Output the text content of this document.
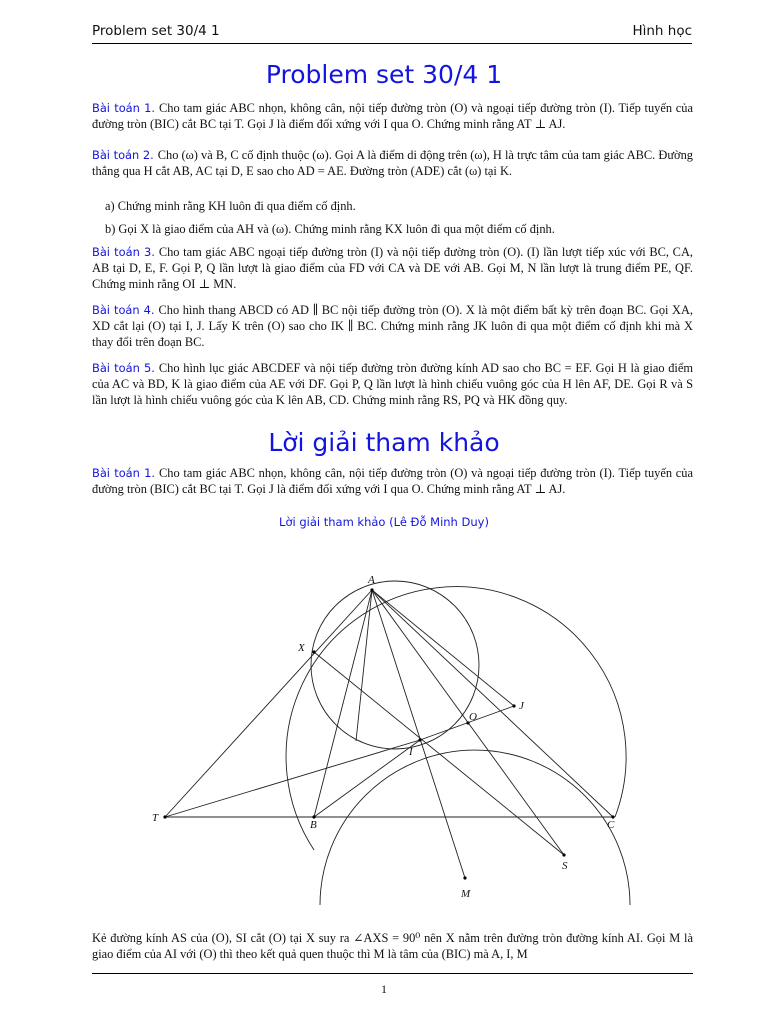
Problem set 30/4 1	Hình học
Problem set 30/4 1
Bài toán 1. Cho tam giác ABC nhọn, không cân, nội tiếp đường tròn (O) và ngoại tiếp đường tròn (I). Tiếp tuyến của đường tròn (BIC) cắt BC tại T. Gọi J là điểm đối xứng với I qua O. Chứng minh rằng AT ⊥ AJ.
Bài toán 2. Cho (ω) và B, C cố định thuộc (ω). Gọi A là điểm di động trên (ω), H là trực tâm của tam giác ABC. Đường thẳng qua H cắt AB, AC tại D, E sao cho AD = AE. Đường tròn (ADE) cắt (ω) tại K.
a) Chứng minh rằng KH luôn đi qua điểm cố định.
b) Gọi X là giao điểm của AH và (ω). Chứng minh rằng KX luôn đi qua một điểm cố định.
Bài toán 3. Cho tam giác ABC ngoại tiếp đường tròn (I) và nội tiếp đường tròn (O). (I) lần lượt tiếp xúc với BC, CA, AB tại D, E, F. Gọi P, Q lần lượt là giao điểm của FD với CA và DE với AB. Gọi M, N lần lượt là trung điểm PE, QF. Chứng minh rằng OI ⊥ MN.
Bài toán 4. Cho hình thang ABCD có AD ∥ BC nội tiếp đường tròn (O). X là một điểm bất kỳ trên đoạn BC. Gọi XA, XD cắt lại (O) tại I, J. Lấy K trên (O) sao cho IK ∥ BC. Chứng minh rằng JK luôn đi qua một điểm cố định khi mà X thay đổi trên đoạn BC.
Bài toán 5. Cho hình lục giác ABCDEF và nội tiếp đường tròn đường kính AD sao cho BC = EF. Gọi H là giao điểm của AC và BD, K là giao điểm của AE với DF. Gọi P, Q lần lượt là hình chiếu vuông góc của H lên AF, DE. Gọi R và S lần lượt là hình chiếu vuông góc của K lên AB, CD. Chứng minh rằng RS, PQ và HK đồng quy.
Lời giải tham khảo
Bài toán 1. Cho tam giác ABC nhọn, không cân, nội tiếp đường tròn (O) và ngoại tiếp đường tròn (I). Tiếp tuyến của đường tròn (BIC) cắt BC tại T. Gọi J là điểm đối xứng với I qua O. Chứng minh rằng AT ⊥ AJ.
Lời giải tham khảo (Lê Đỗ Minh Duy)
A
X
J
O
I
T
B	C
S
M
Kẻ đường kính AS của (O), SI cắt (O) tại X suy ra ∠AXS = 90⁰ nên X nằm trên đường tròn đường kính AI. Gọi M là giao điểm của AI với (O) thì theo kết quả quen thuộc thì M là tâm của (BIC) mà A, I, M
1
